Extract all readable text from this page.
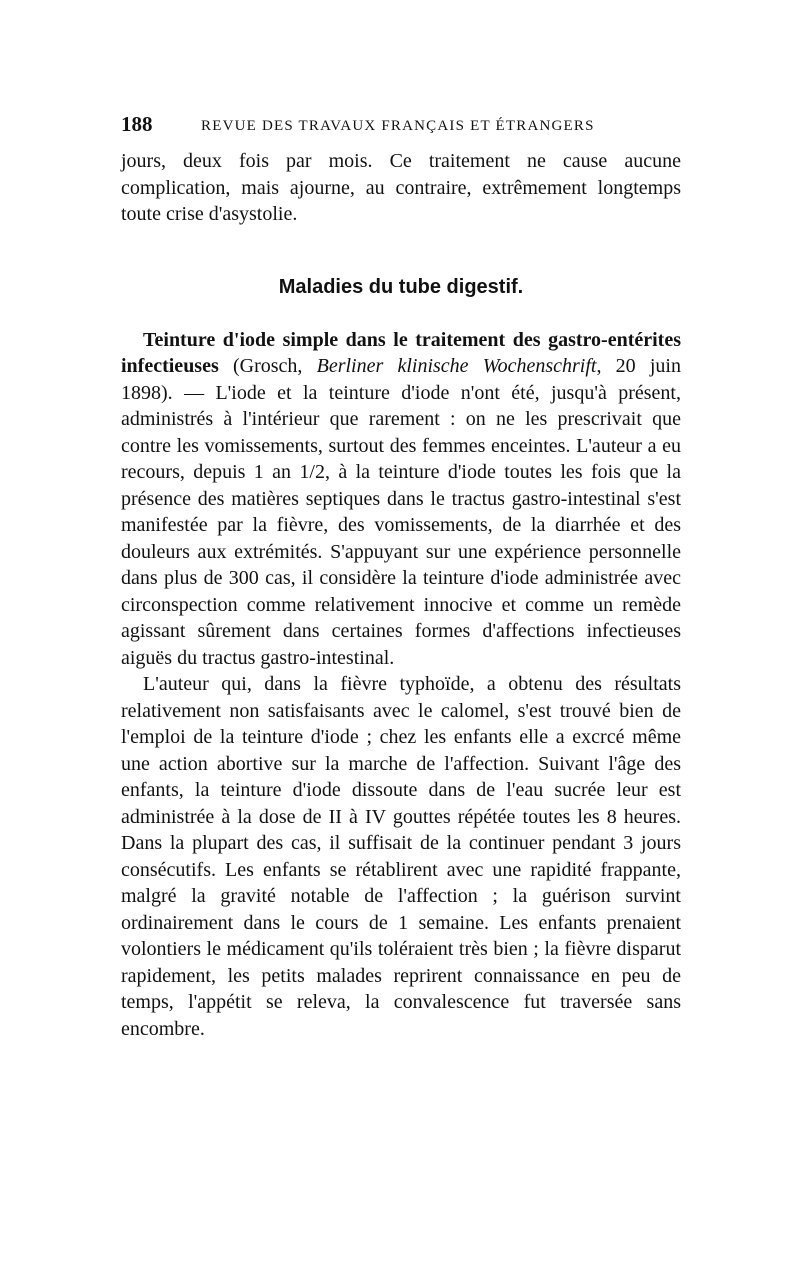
188	REVUE DES TRAVAUX FRANÇAIS ET ÉTRANGERS

jours, deux fois par mois. Ce traitement ne cause aucune complication, mais ajourne, au contraire, extrêmement longtemps toute crise d'asystolie.

Maladies du tube digestif.

Teinture d'iode simple dans le traitement des gastro-entérites infectieuses (Grosch, Berliner klinische Wochenschrift, 20 juin 1898). — L'iode et la teinture d'iode n'ont été, jusqu'à présent, administrés à l'intérieur que rarement : on ne les prescrivait que contre les vomissements, surtout des femmes enceintes. L'auteur a eu recours, depuis 1 an 1/2, à la teinture d'iode toutes les fois que la présence des matières septiques dans le tractus gastro-intestinal s'est manifestée par la fièvre, des vomissements, de la diarrhée et des douleurs aux extrémités. S'appuyant sur une expérience personnelle dans plus de 300 cas, il considère la teinture d'iode administrée avec circonspection comme relativement innocive et comme un remède agissant sûrement dans certaines formes d'affections infectieuses aiguës du tractus gastro-intestinal.

L'auteur qui, dans la fièvre typhoïde, a obtenu des résultats relativement non satisfaisants avec le calomel, s'est trouvé bien de l'emploi de la teinture d'iode ; chez les enfants elle a excrcé même une action abortive sur la marche de l'affection. Suivant l'âge des enfants, la teinture d'iode dissoute dans de l'eau sucrée leur est administrée à la dose de II à IV gouttes répétée toutes les 8 heures. Dans la plupart des cas, il suffisait de la continuer pendant 3 jours consécutifs. Les enfants se rétablirent avec une rapidité frappante, malgré la gravité notable de l'affection ; la guérison survint ordinairement dans le cours de 1 semaine. Les enfants prenaient volontiers le médicament qu'ils toléraient très bien ; la fièvre disparut rapidement, les petits malades reprirent connaissance en peu de temps, l'appétit se releva, la convalescence fut traversée sans encombre.
